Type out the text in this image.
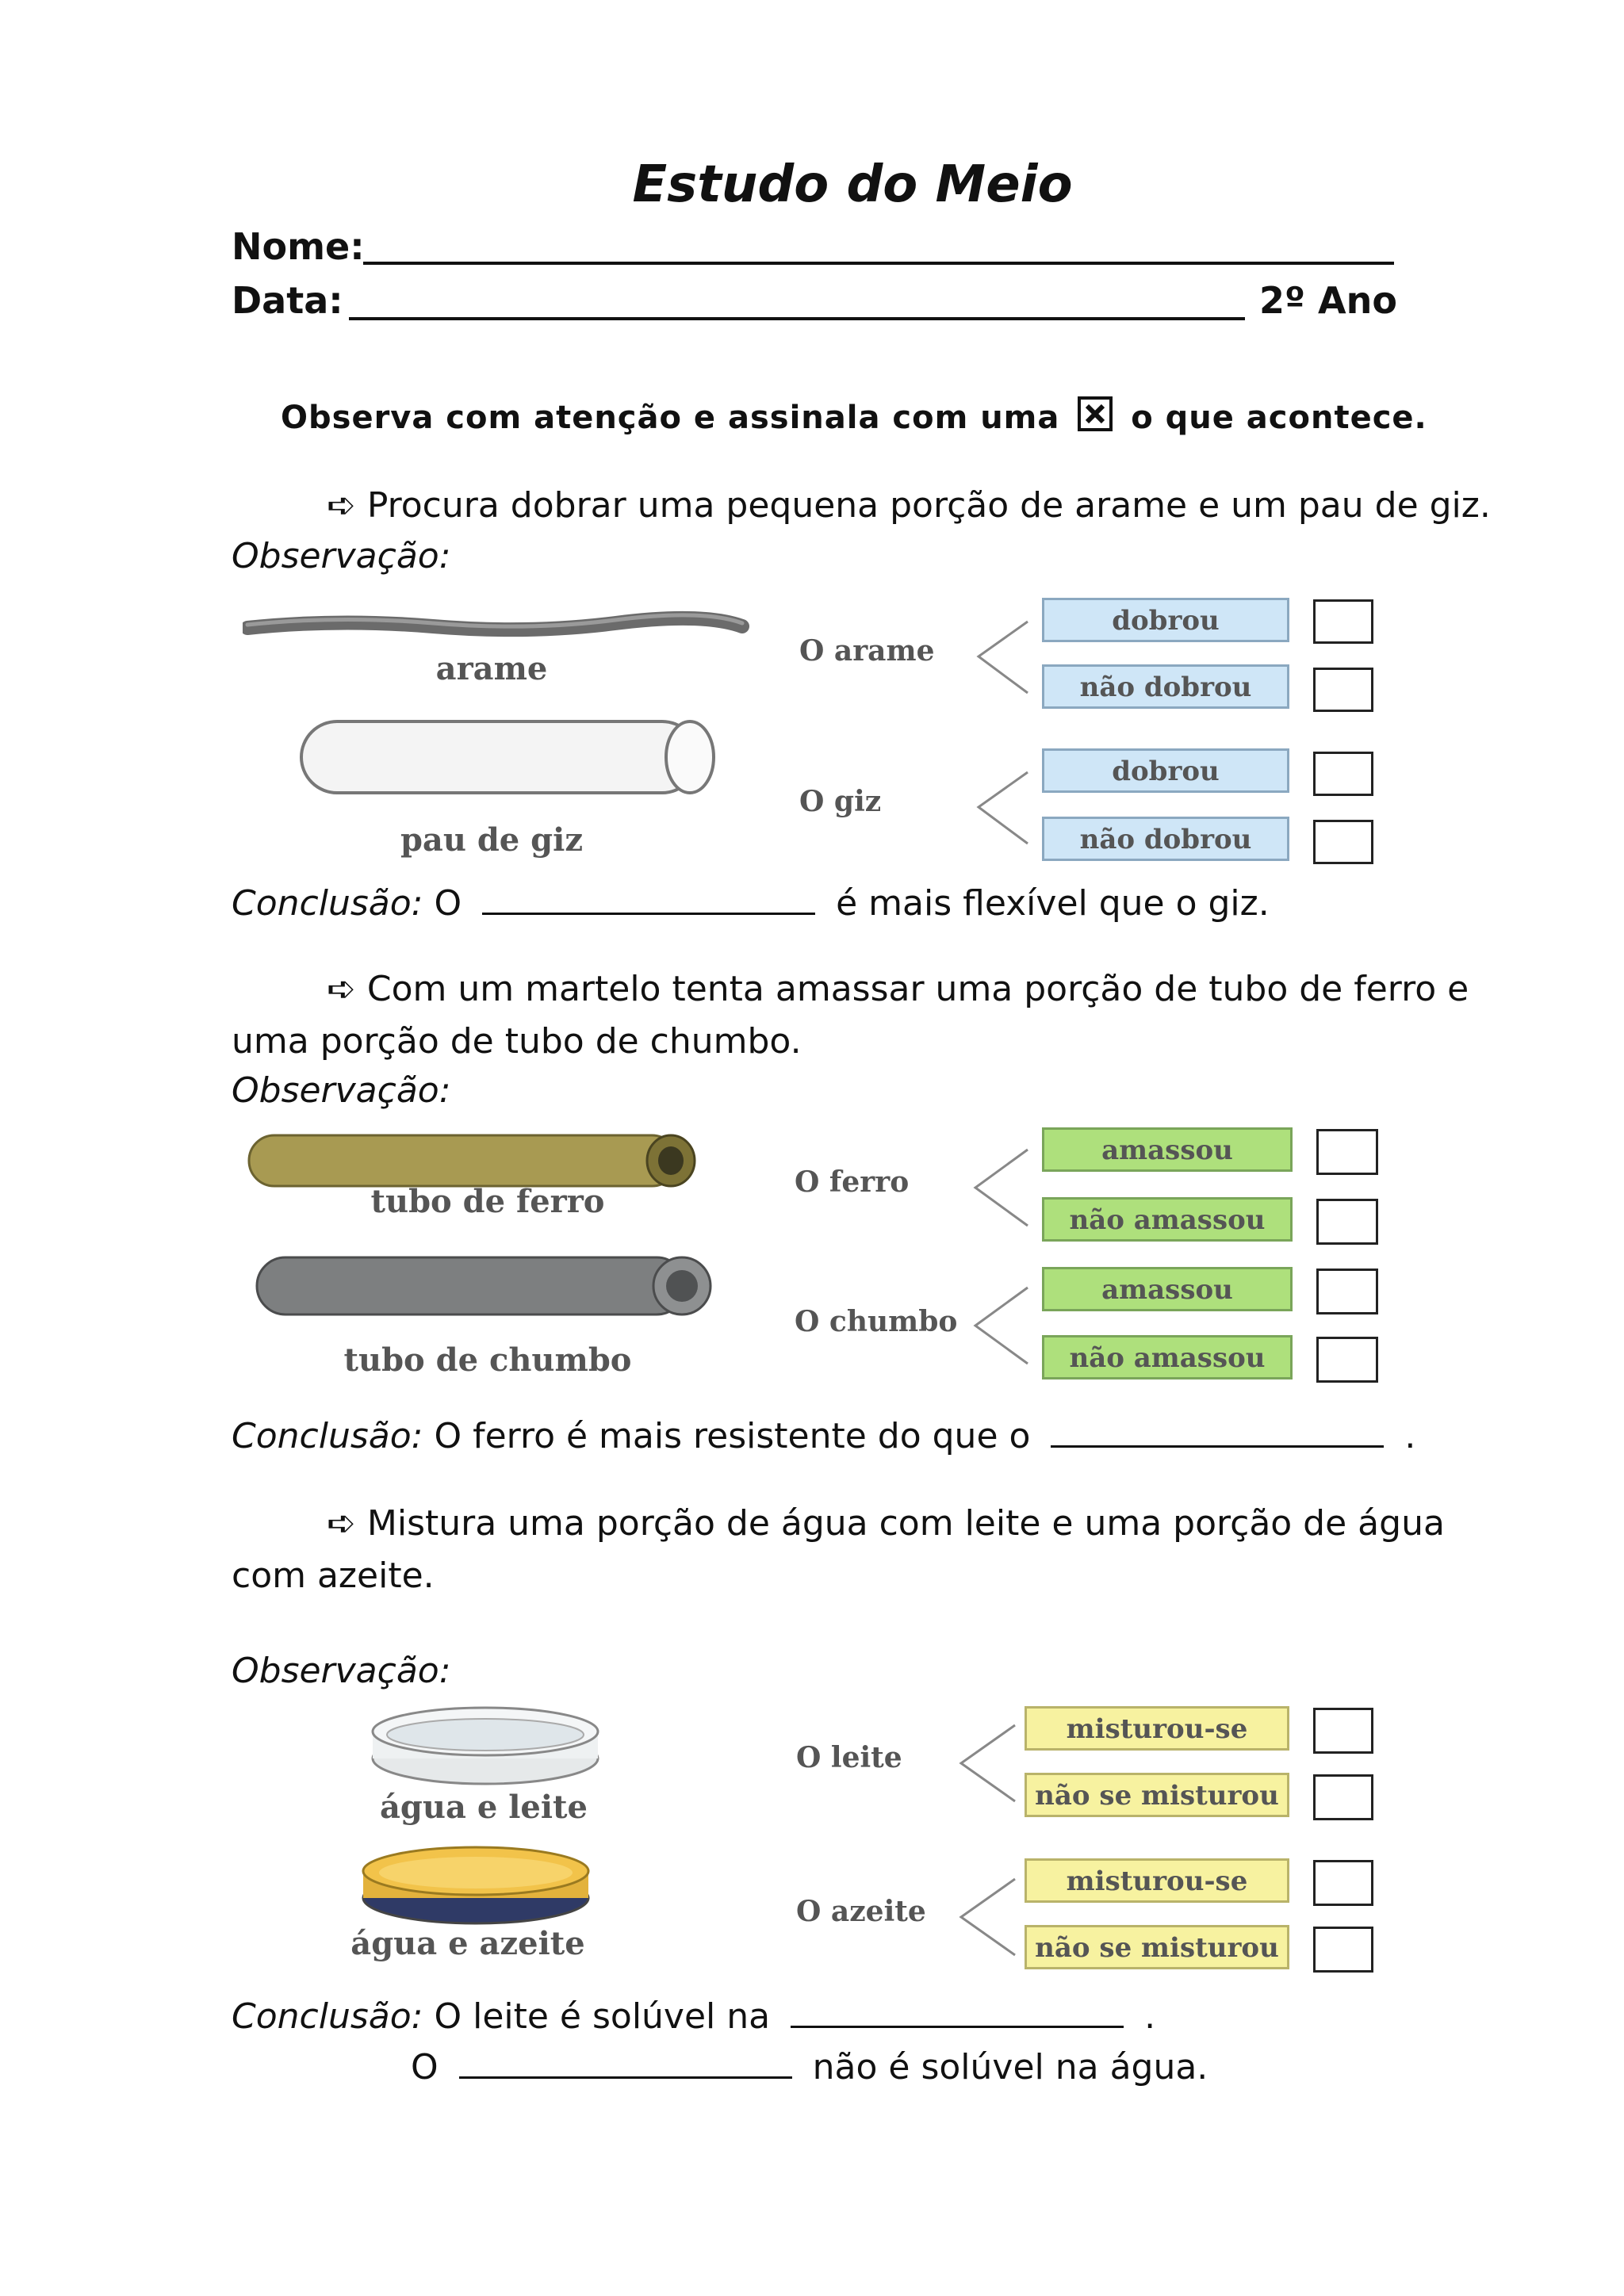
Estudo do Meio
Nome:
Data:	2º Ano
Observa com atenção e assinala com uma o que acontece.
➪ Procura dobrar uma pequena porção de arame e um pau de giz.
Observação:
arame
pau de giz
O arame
dobrou
não dobrou
O giz
dobrou
não dobrou
Conclusão: O	é mais flexível que o giz.
➪ Com um martelo tenta amassar uma porção de tubo de ferro e
uma porção de tubo de chumbo.
Observação:
tubo de ferro
tubo de chumbo
O ferro
amassou
não amassou
O chumbo
amassou
não amassou
Conclusão: O ferro é mais resistente do que o	.
➪ Mistura uma porção de água com leite e uma porção de água
com azeite.
Observação:
água e leite
água e azeite
O leite
misturou-se
não se misturou
O azeite
misturou-se
não se misturou
Conclusão: O leite é solúvel na	.
O	não é solúvel na água.
